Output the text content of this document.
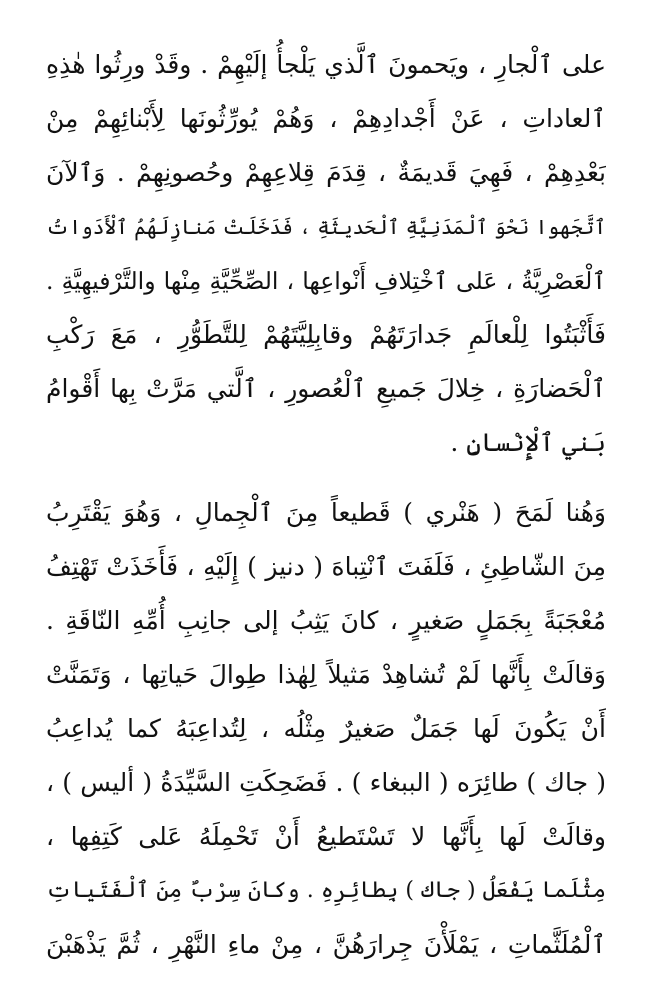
على ٱلْجارِ ، ويَحمونَ ٱلَّذي يَلْجأُ إلَيْهِمْ . وقَدْ ورِثُوا هٰذِهِ
ٱلعاداتِ ، عَنْ أَجْدادِهِمْ ، وَهُمْ يُورِّثُونَها لِأَبْنائِهِمْ مِنْ
بَعْدِهِمْ ، فَهِيَ قَديمَةٌ ، قِدَمَ قِلاعِهِمْ وحُصونِهِمْ . وَٱلآنَ
ٱتَّجَهوا نَحْوَ ٱلْمَدَنِيَّةِ ٱلْحَديثَةِ ، فَدَخَلَتْ مَنازِلَهُمُ ٱلْأَدَواتُ
ٱلْعَصْرِيَّةُ ، عَلى ٱخْتِلافِ أَنْواعِها ، الصِّحِّيَّةِ مِنْها والتَّرْفيهِيَّةِ .
فَأَثْبَتُوا لِلْعالَمِ جَدارَتَهُمْ وقابِلِيَّتَهُمْ لِلتَّطَوُّرِ ، مَعَ رَكْبِ
ٱلْحَضارَةِ ، خِلالَ جَميعِ ٱلْعُصورِ ، ٱلَّتي مَرَّتْ بِها أَقْوامُ
بَني ٱلْإِنْسانِ .
وَهُنا لَمَحَ ( هَنْري ) قَطيعاً مِنَ ٱلْجِمالِ ، وَهُوَ يَقْتَرِبُ
مِنَ الشّاطِئِ ، فَلَفَتَ ٱنْتِباهَ ( دنيز ) إِلَيْهِ ، فَأَخَذَتْ تَهْتِفُ
مُعْجَبَةً بِجَمَلٍ صَغيرٍ ، كانَ يَثِبُ إلى جانِبِ أُمِّهِ النّاقَةِ .
وَقالَتْ بِأَنَّها لَمْ تُشاهِدْ مَثيلاً لِهٰذا طِوالَ حَياتِها ، وَتَمَنَّتْ
أَنْ يَكُونَ لَها جَمَلٌ صَغيرٌ مِثْلُه ، لِتُداعِبَهُ كما يُداعِبُ
( جاك ) طائِرَه ( الببغاء ) . فَضَحِكَتِ السَّيِّدَةُ ( أليس ) ،
وقالَتْ لَها بِأَنَّها لا تَسْتَطيعُ أَنْ تَحْمِلَهُ عَلى كَتِفِها ،
مِثْلَما يَفْعَلُ ( جاك ) بِطائِرِهِ . وكانَ سِرْبٌ مِنَ ٱلْفَتَياتِ
ٱلْمُلَثَّماتِ ، يَمْلَأْنَ جِرارَهُنَّ ، مِنْ ماءِ النَّهْرِ ، ثُمَّ يَذْهَبْنَ
